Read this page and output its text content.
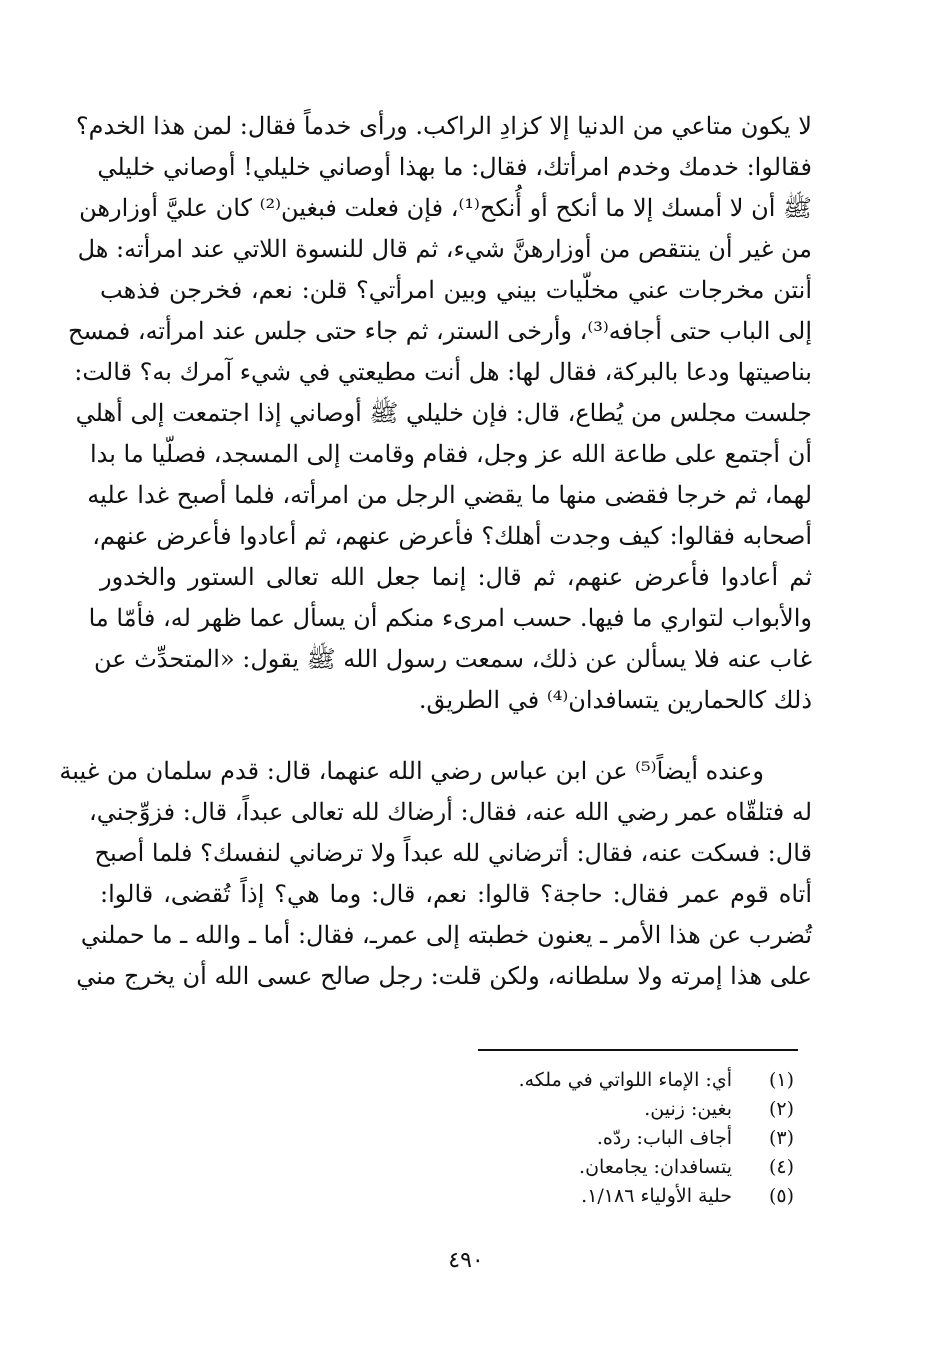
لا يكون متاعي من الدنيا إلا كزادِ الراكب. ورأى خدماً فقال: لمن هذا الخدم؟
فقالوا: خدمك وخدم امرأتك، فقال: ما بهذا أوصاني خليلي! أوصاني خليلي
ﷺ أن لا أمسك إلا ما أنكح أو أُنكح⁽¹⁾، فإن فعلت فبغين⁽²⁾ كان عليَّ أوزارهن
من غير أن ينتقص من أوزارهنَّ شيء، ثم قال للنسوة اللاتي عند امرأته: هل
أنتن مخرجات عني مخلّيات بيني وبين امرأتي؟ قلن: نعم، فخرجن فذهب
إلى الباب حتى أجافه⁽³⁾، وأرخى الستر، ثم جاء حتى جلس عند امرأته، فمسح
بناصيتها ودعا بالبركة، فقال لها: هل أنت مطيعتي في شيء آمرك به؟ قالت:
جلست مجلس من يُطاع، قال: فإن خليلي ﷺ أوصاني إذا اجتمعت إلى أهلي
أن أجتمع على طاعة الله عز وجل، فقام وقامت إلى المسجد، فصلّيا ما بدا
لهما، ثم خرجا فقضى منها ما يقضي الرجل من امرأته، فلما أصبح غدا عليه
أصحابه فقالوا: كيف وجدت أهلك؟ فأعرض عنهم، ثم أعادوا فأعرض عنهم،
ثم أعادوا فأعرض عنهم، ثم قال: إنما جعل الله تعالى الستور والخدور
والأبواب لتواري ما فيها. حسب امرىء منكم أن يسأل عما ظهر له، فأمّا ما
غاب عنه فلا يسألن عن ذلك، سمعت رسول الله ﷺ يقول: «المتحدِّث عن
ذلك كالحمارين يتسافدان⁽⁴⁾ في الطريق.
وعنده أيضاً⁽⁵⁾ عن ابن عباس رضي الله عنهما، قال: قدم سلمان من غيبة
له فتلقّاه عمر رضي الله عنه، فقال: أرضاك لله تعالى عبداً، قال: فزوِّجني،
قال: فسكت عنه، فقال: أترضاني لله عبداً ولا ترضاني لنفسك؟ فلما أصبح
أتاه قوم عمر فقال: حاجة؟ قالوا: نعم، قال: وما هي؟ إذاً تُقضى، قالوا:
تُضرب عن هذا الأمر ـ يعنون خطبته إلى عمرـ، فقال: أما ـ والله ـ ما حملني
على هذا إمرته ولا سلطانه، ولكن قلت: رجل صالح عسى الله أن يخرج مني
(١)
أي: الإماء اللواتي في ملكه.
(٢)
بغين: زنين.
(٣)
أجاف الباب: ردّه.
(٤)
يتسافدان: يجامعان.
(٥)
حلية الأولياء ١/١٨٦.
٤٩٠
